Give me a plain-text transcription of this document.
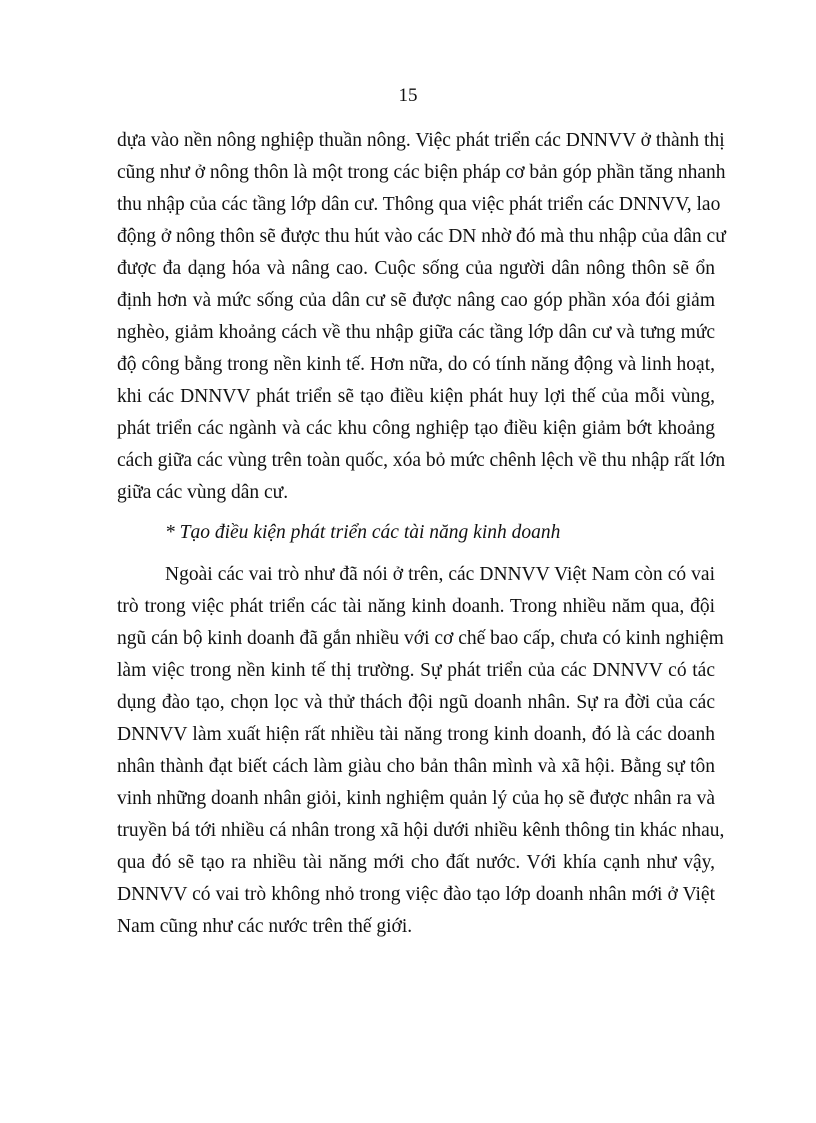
15
dựa vào nền nông nghiệp thuần nông. Việc phát triển các DNNVV ở thành thị
cũng như ở nông thôn là một trong các biện pháp cơ bản góp phần tăng nhanh
thu nhập của các tầng lớp dân cư. Thông qua việc phát triển các DNNVV, lao
động ở nông thôn sẽ được thu hút vào các DN nhờ đó mà thu nhập của dân cư
được đa dạng hóa và nâng cao. Cuộc sống của người dân nông thôn sẽ ổn
định hơn và mức sống của dân cư sẽ được nâng cao góp phần xóa đói giảm
nghèo, giảm khoảng cách về thu nhập giữa các tầng lớp dân cư và tưng mức
độ công bằng trong nền kinh tế. Hơn nữa, do có tính năng động và linh hoạt,
khi các DNNVV phát triển sẽ tạo điều kiện phát huy lợi thế của mỗi vùng,
phát triển các ngành và các khu công nghiệp tạo điều kiện giảm bớt khoảng
cách giữa các vùng trên toàn quốc, xóa bỏ mức chênh lệch về thu nhập rất lớn
giữa các vùng dân cư.
* Tạo điều kiện phát triển các tài năng kinh doanh
Ngoài các vai trò như đã nói ở trên, các DNNVV Việt Nam còn có vai
trò trong việc phát triển các tài năng kinh doanh. Trong nhiều năm qua, đội
ngũ cán bộ kinh doanh đã gắn nhiều với cơ chế bao cấp, chưa có kinh nghiệm
làm việc trong nền kinh tế thị trường. Sự phát triển của các DNNVV có tác
dụng đào tạo, chọn lọc và thử thách đội ngũ doanh nhân. Sự ra đời của các
DNNVV làm xuất hiện rất nhiều tài năng trong kinh doanh, đó là các doanh
nhân thành đạt biết cách làm giàu cho bản thân mình và xã hội. Bằng sự tôn
vinh những doanh nhân giỏi, kinh nghiệm quản lý của họ sẽ được nhân ra và
truyền bá tới nhiều cá nhân trong xã hội dưới nhiều kênh thông tin khác nhau,
qua đó sẽ tạo ra nhiều tài năng mới cho đất nước. Với khía cạnh như vậy,
DNNVV có vai trò không nhỏ trong việc đào tạo lớp doanh nhân mới ở Việt
Nam cũng như các nước trên thế giới.
